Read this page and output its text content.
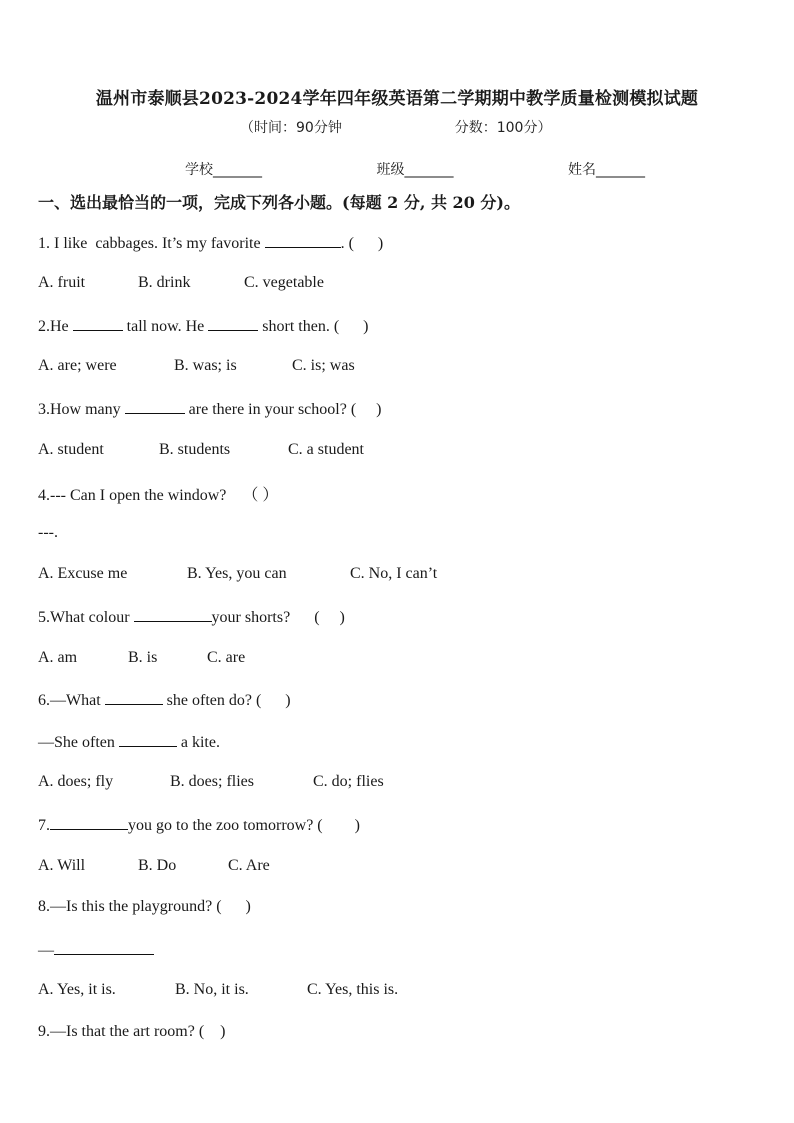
温州市泰顺县2023-2024学年四年级英语第二学期期中教学质量检测模拟试题
（时间：90分钟	分数：100分）
学校_______	班级_______	姓名_______
一、选出最恰当的一项，完成下列各小题。(每题 2 分, 共 20 分)。
1. I like  cabbages. It’s my favorite	. (      )
A. fruit	B. drink	C. vegetable
2.He	tall now. He	short then. (      )
A. are; were	B. was; is	C. is; was
3.How many	are there in your school? (     )
A. student	B. students	C. a student
4.--- Can I open the window?    （ ）
---.
A. Excuse me	B. Yes, you can	C. No, I can’t
5.What colour	your shorts?      (     )
A. am	B. is	C. are
6.—What	she often do? (      )
—She often	a kite.
A. does; fly	B. does; flies	C. do; flies
7.	you go to the zoo tomorrow? (        )
A. Will	B. Do	C. Are
8.—Is this the playground? (      )
—
A. Yes, it is.	B. No, it is.	C. Yes, this is.
9.—Is that the art room? (    )
